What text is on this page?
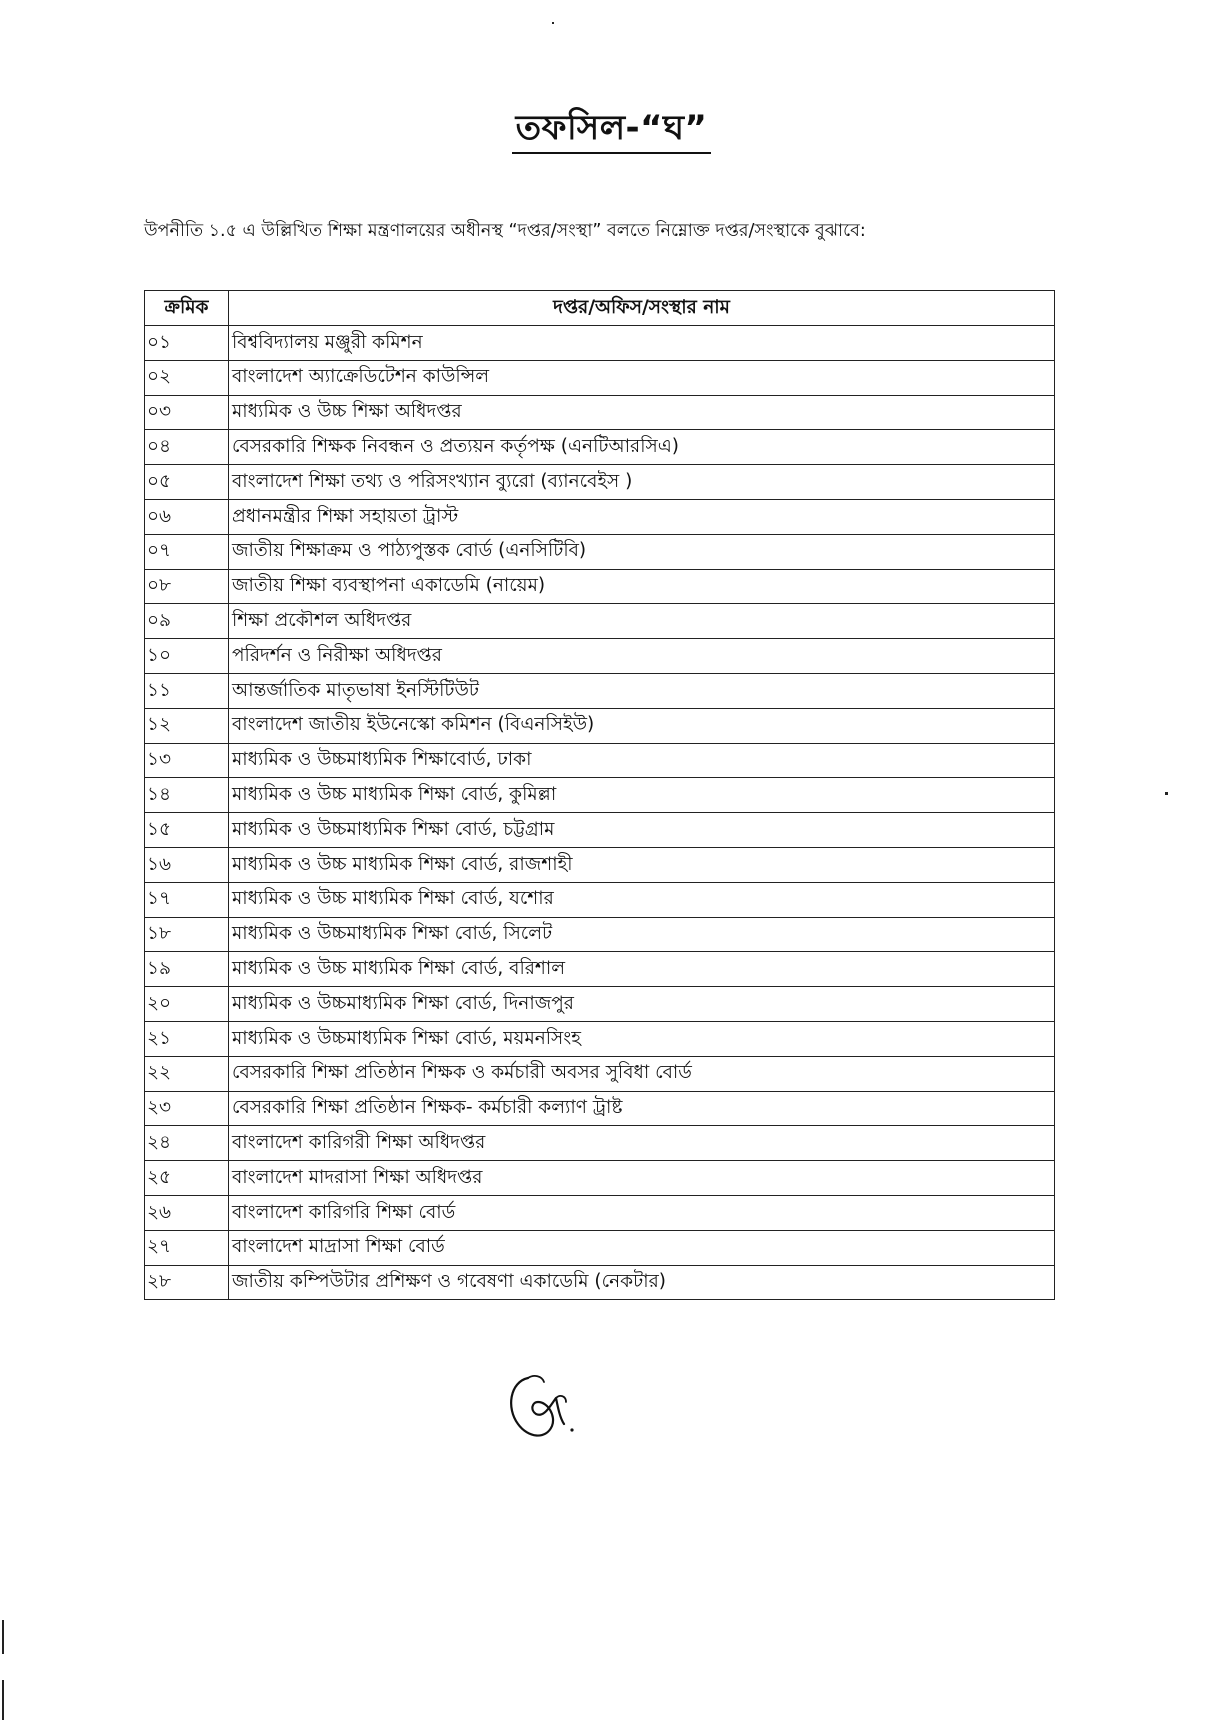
তফসিল-“ঘ”
উপনীতি ১.৫ এ উল্লিখিত শিক্ষা মন্ত্রণালয়ের অধীনস্থ “দপ্তর/সংস্থা” বলতে নিম্নোক্ত দপ্তর/সংস্থাকে বুঝাবে:
ক্রমিক	দপ্তর/অফিস/সংস্থার নাম
০১	বিশ্ববিদ্যালয় মঞ্জুরী কমিশন
০২	বাংলাদেশ অ্যাক্রেডিটেশন কাউন্সিল
০৩	মাধ্যমিক ও উচ্চ শিক্ষা অধিদপ্তর
০৪	বেসরকারি শিক্ষক নিবন্ধন ও প্রত্যয়ন কর্তৃপক্ষ (এনটিআরসিএ)
০৫	বাংলাদেশ শিক্ষা তথ্য ও পরিসংখ্যান ব্যুরো (ব্যানবেইস )
০৬	প্রধানমন্ত্রীর শিক্ষা সহায়তা ট্রাস্ট
০৭	জাতীয় শিক্ষাক্রম ও পাঠ্যপুস্তক বোর্ড (এনসিটিবি)
০৮	জাতীয় শিক্ষা ব্যবস্থাপনা একাডেমি (নায়েম)
০৯	শিক্ষা প্রকৌশল অধিদপ্তর
১০	পরিদর্শন ও নিরীক্ষা অধিদপ্তর
১১	আন্তর্জাতিক মাতৃভাষা ইনস্টিটিউট
১২	বাংলাদেশ জাতীয় ইউনেস্কো কমিশন (বিএনসিইউ)
১৩	মাধ্যমিক ও উচ্চমাধ্যমিক শিক্ষাবোর্ড, ঢাকা
১৪	মাধ্যমিক ও উচ্চ মাধ্যমিক শিক্ষা বোর্ড, কুমিল্লা
১৫	মাধ্যমিক ও উচ্চমাধ্যমিক শিক্ষা বোর্ড, চট্টগ্রাম
১৬	মাধ্যমিক ও উচ্চ মাধ্যমিক শিক্ষা বোর্ড, রাজশাহী
১৭	মাধ্যমিক ও উচ্চ মাধ্যমিক শিক্ষা বোর্ড, যশোর
১৮	মাধ্যমিক ও উচ্চমাধ্যমিক শিক্ষা বোর্ড, সিলেট
১৯	মাধ্যমিক ও উচ্চ মাধ্যমিক শিক্ষা বোর্ড, বরিশাল
২০	মাধ্যমিক ও উচ্চমাধ্যমিক শিক্ষা বোর্ড, দিনাজপুর
২১	মাধ্যমিক ও উচ্চমাধ্যমিক শিক্ষা বোর্ড, ময়মনসিংহ
২২	বেসরকারি শিক্ষা প্রতিষ্ঠান শিক্ষক ও কর্মচারী অবসর সুবিধা বোর্ড
২৩	বেসরকারি শিক্ষা প্রতিষ্ঠান শিক্ষক- কর্মচারী কল্যাণ ট্রাষ্ট
২৪	বাংলাদেশ কারিগরী শিক্ষা অধিদপ্তর
২৫	বাংলাদেশ মাদরাসা শিক্ষা অধিদপ্তর
২৬	বাংলাদেশ কারিগরি শিক্ষা বোর্ড
২৭	বাংলাদেশ মাদ্রাসা শিক্ষা বোর্ড
২৮	জাতীয় কম্পিউটার প্রশিক্ষণ ও গবেষণা একাডেমি (নেকটার)
